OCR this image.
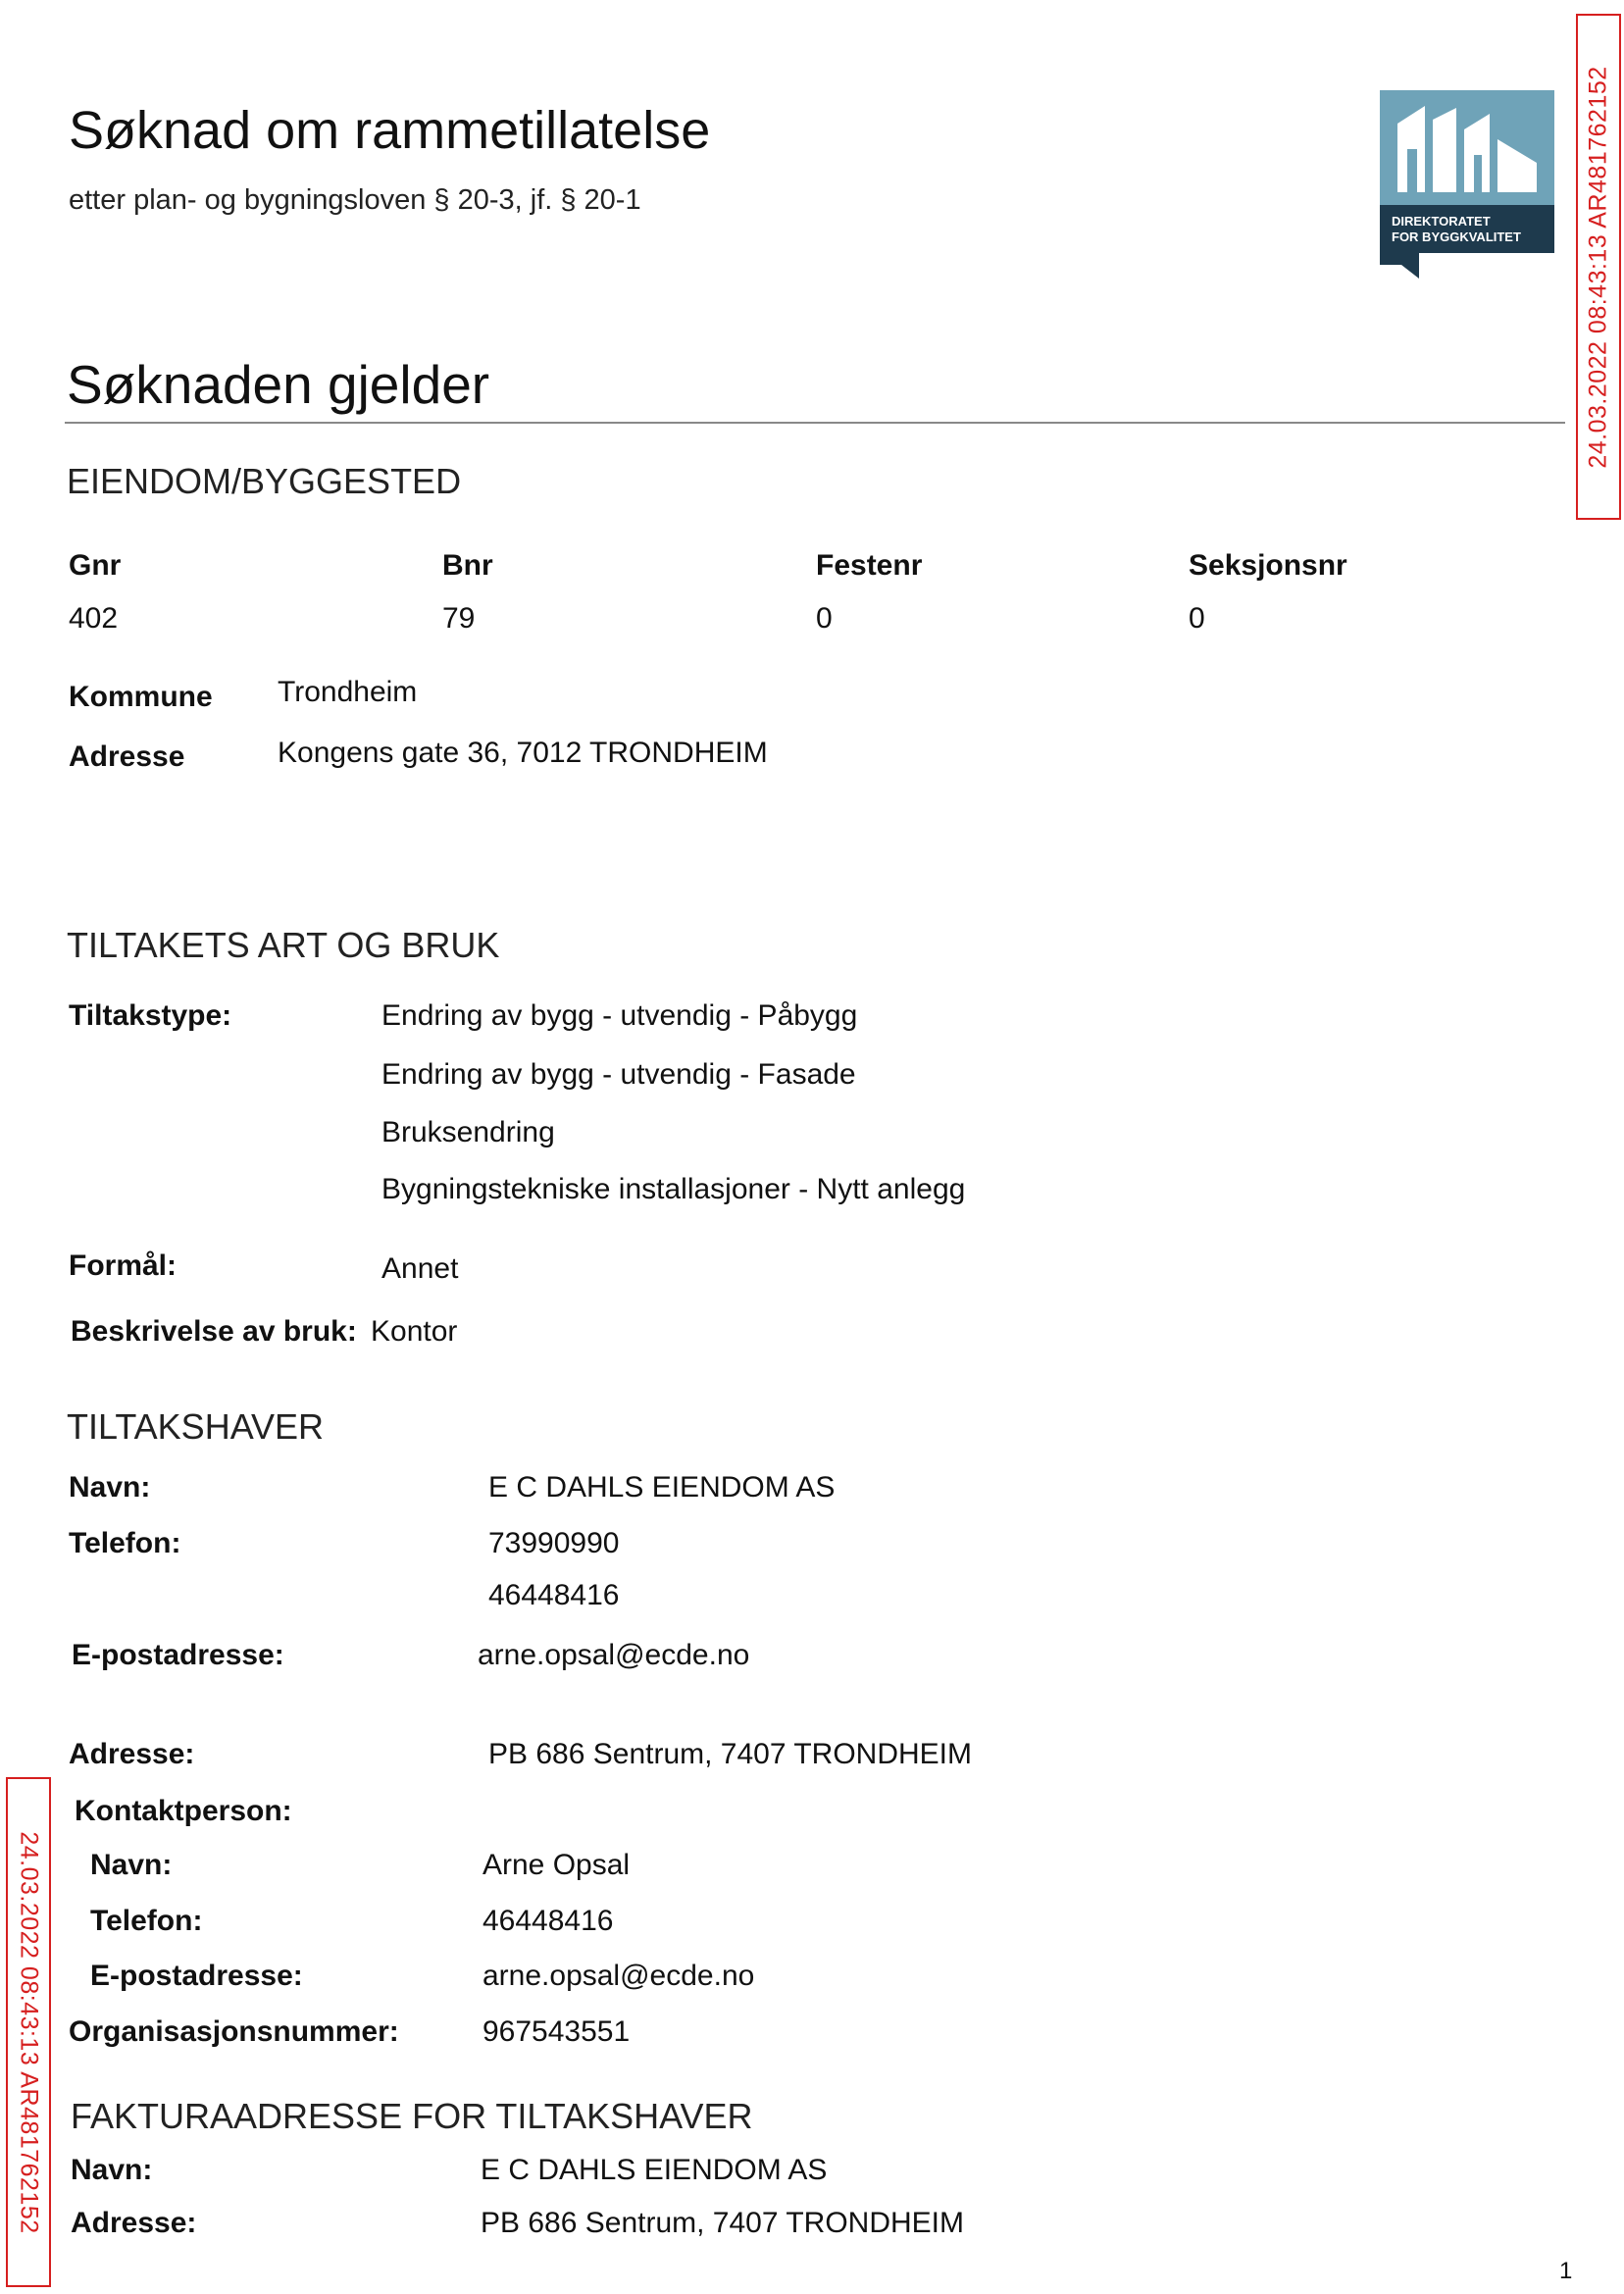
Søknad om rammetillatelse
etter plan- og bygningsloven § 20-3, jf. § 20-1
DIREKTORATET
FOR BYGGKVALITET
Søknaden gjelder
EIENDOM/BYGGESTED
Gnr	Bnr	Festenr	Seksjonsnr
402	79	0	0
Kommune Trondheim
Adresse	Kongens gate 36, 7012 TRONDHEIM
TILTAKETS ART OG BRUK
Tiltakstype:	Endring av bygg - utvendig - Påbygg
Endring av bygg - utvendig - Fasade
Bruksendring
Bygningstekniske installasjoner - Nytt anlegg
Formål:	Annet
Beskrivelse av bruk: Kontor
TILTAKSHAVER
Navn:	E C DAHLS EIENDOM AS
Telefon:	73990990
46448416
E-postadresse:	arne.opsal@ecde.no
Adresse:	PB 686 Sentrum, 7407 TRONDHEIM
Kontaktperson:
Navn:	Arne Opsal
Telefon:	46448416
E-postadresse:	arne.opsal@ecde.no
Organisasjonsnummer:	967543551
FAKTURAADRESSE FOR TILTAKSHAVER
Navn:	E C DAHLS EIENDOM AS
Adresse:	PB 686 Sentrum, 7407 TRONDHEIM
1
24.03.2022 08:43:13 AR481762152
24.03.2022 08:43:13 AR481762152
